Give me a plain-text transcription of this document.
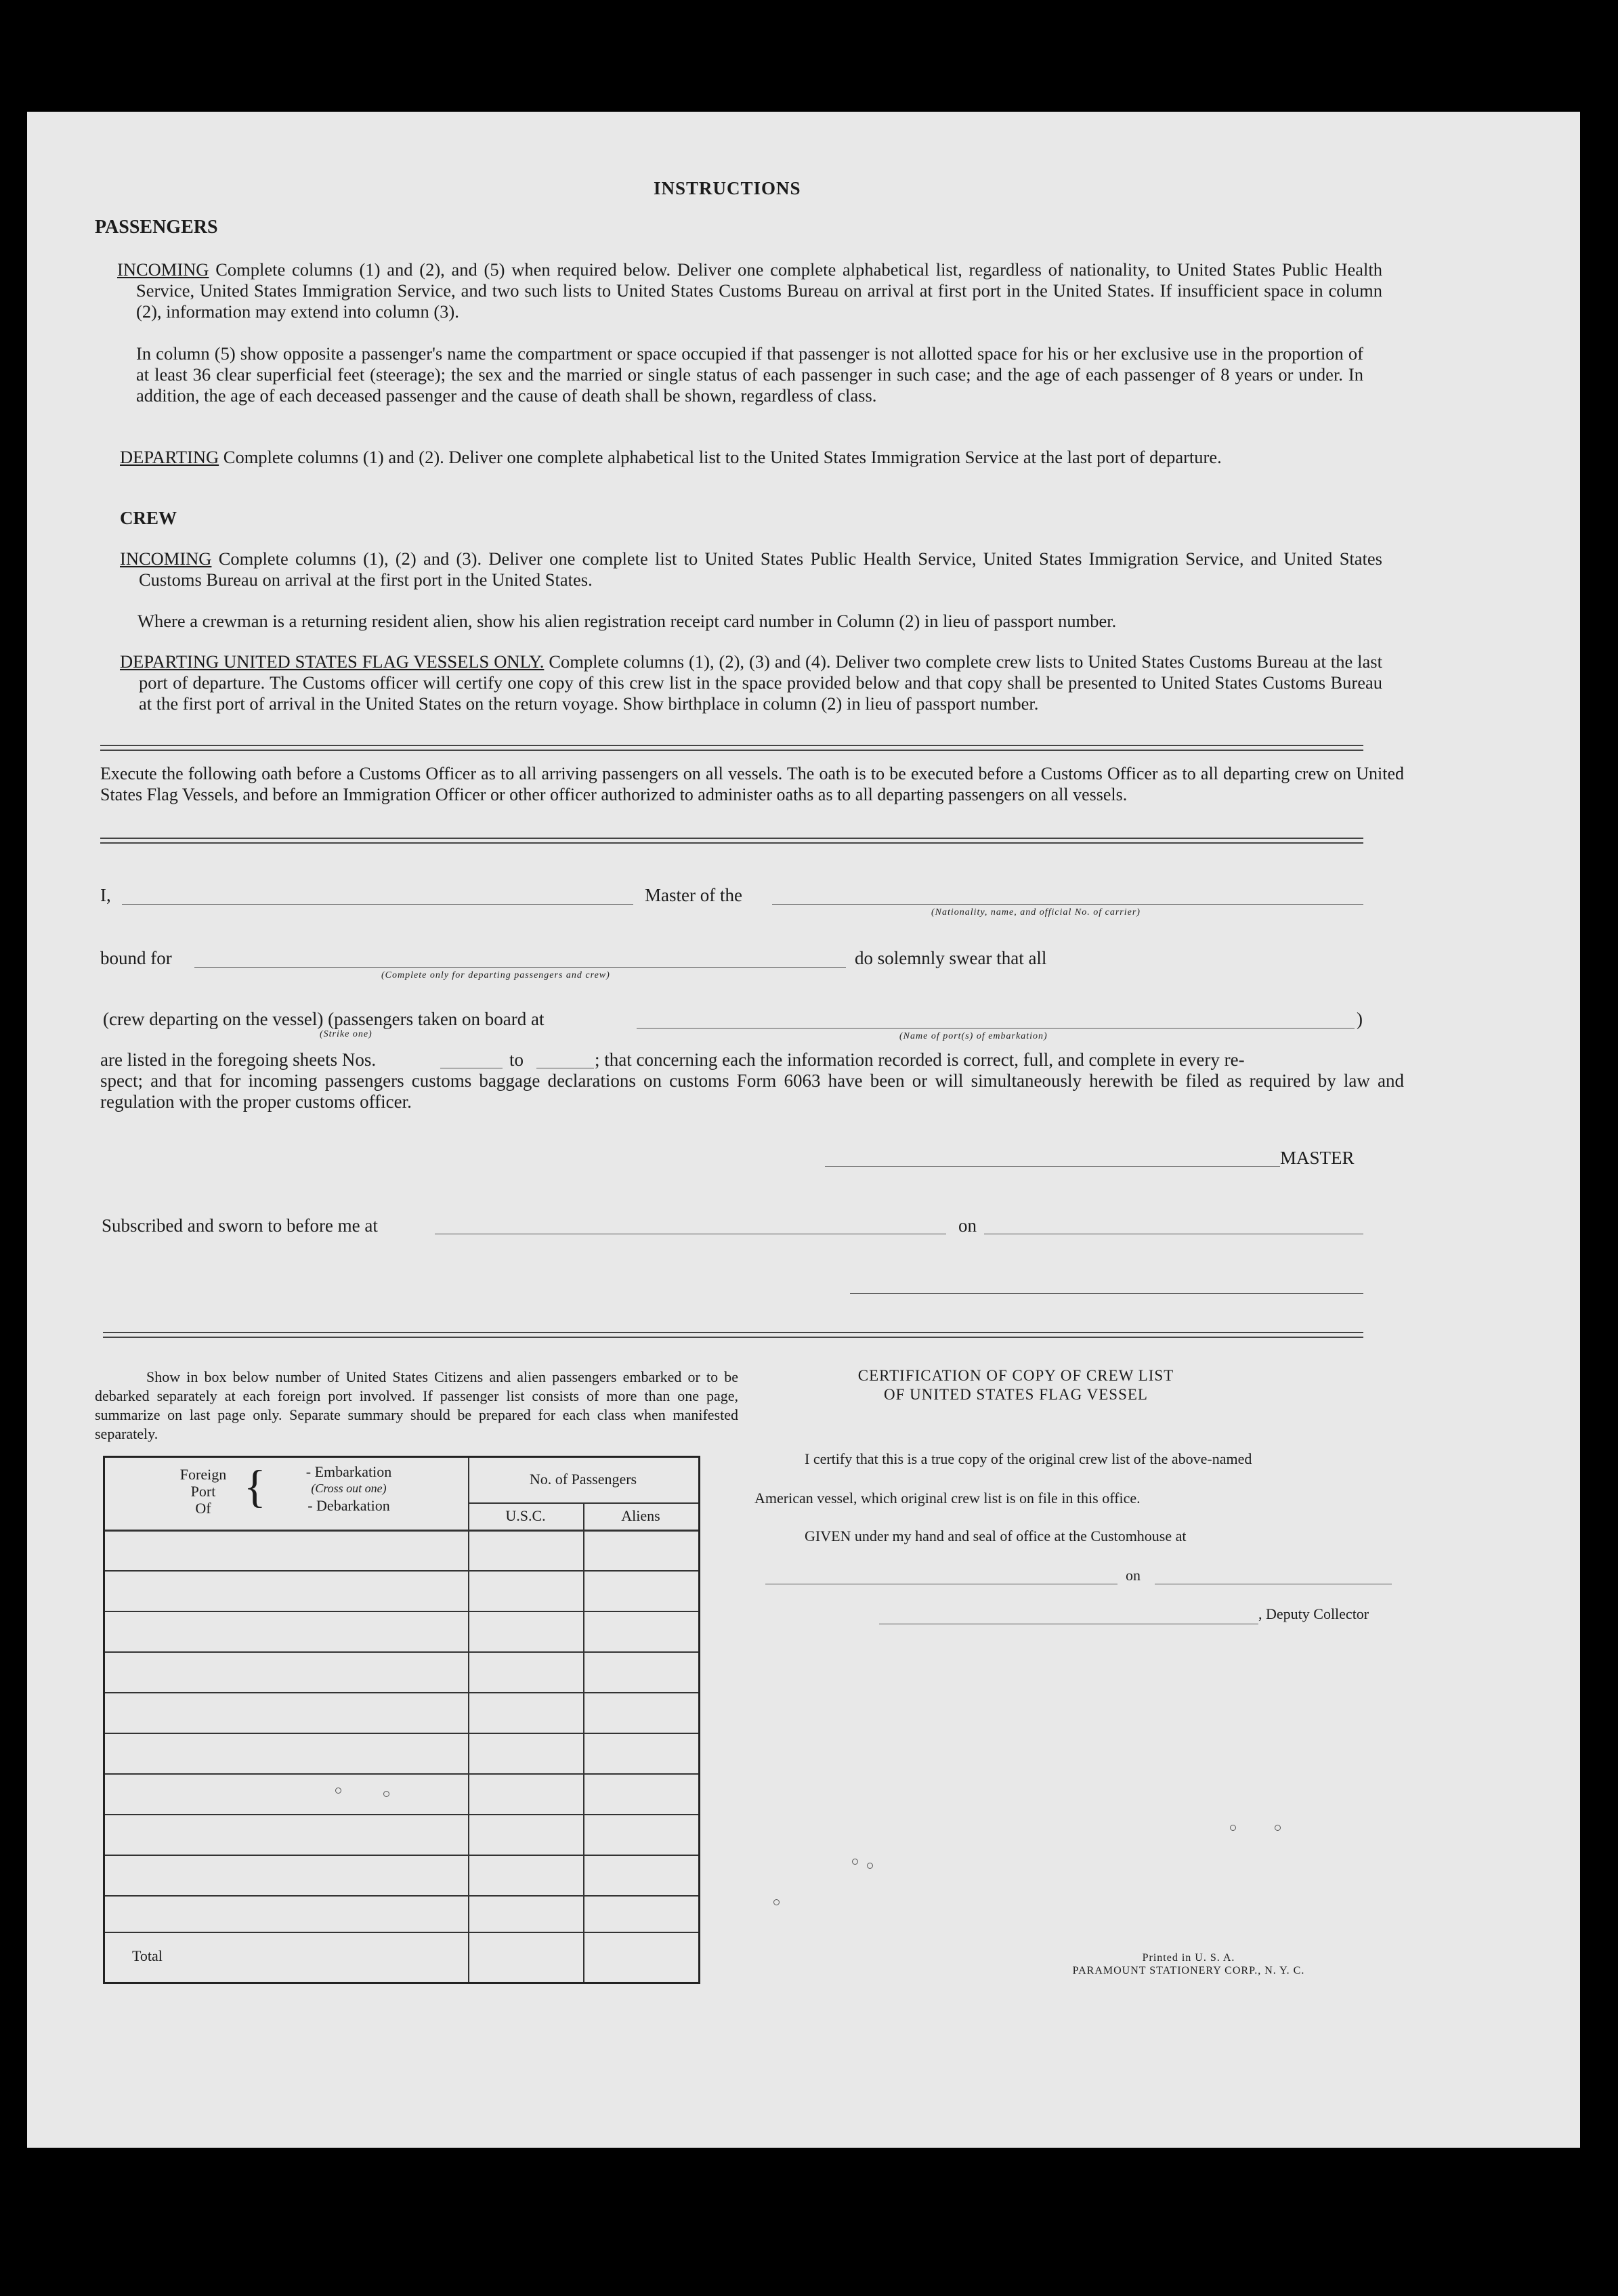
INSTRUCTIONS
PASSENGERS

INCOMING Complete columns (1) and (2), and (5) when required below. Deliver one complete alphabetical list, regardless of nationality, to United States Public Health Service, United States Immigration Service, and two such lists to United States Customs Bureau on arrival at first port in the United States. If insufficient space in column (2), information may extend into column (3).

In column (5) show opposite a passenger's name the compartment or space occupied if that passenger is not allotted space for his or her exclusive use in the proportion of at least 36 clear superficial feet (steerage); the sex and the married or single status of each passenger in such case; and the age of each passenger of 8 years or under. In addition, the age of each deceased passenger and the cause of death shall be shown, regardless of class.

DEPARTING Complete columns (1) and (2). Deliver one complete alphabetical list to the United States Immigration Service at the last port of departure.

CREW

INCOMING Complete columns (1), (2) and (3). Deliver one complete list to United States Public Health Service, United States Immigration Service, and United States Customs Bureau on arrival at the first port in the United States.

Where a crewman is a returning resident alien, show his alien registration receipt card number in Column (2) in lieu of passport number.

DEPARTING UNITED STATES FLAG VESSELS ONLY. Complete columns (1), (2), (3) and (4). Deliver two complete crew lists to United States Customs Bureau at the last port of departure. The Customs officer will certify one copy of this crew list in the space provided below and that copy shall be presented to United States Customs Bureau at the first port of arrival in the United States on the return voyage. Show birthplace in column (2) in lieu of passport number.

Execute the following oath before a Customs Officer as to all arriving passengers on all vessels. The oath is to be executed before a Customs Officer as to all departing crew on United States Flag Vessels, and before an Immigration Officer or other officer authorized to administer oaths as to all departing passengers on all vessels.

I,	Master of the
(Nationality, name, and official No. of carrier)
bound for
(Complete only for departing passengers and crew)
do solemnly swear that all
(crew departing on the vessel) (passengers taken on board at
(Strike one)	(Name of port(s) of embarkation)
)
are listed in the foregoing sheets Nos.	to	; that concerning each the information recorded is correct, full, and complete in every re-
spect; and that for incoming passengers customs baggage declarations on customs Form 6063 have been or will simultaneously herewith be filed as required by law and regulation with the proper customs officer.
MASTER
Subscribed and sworn to before me at	on
Show in box below number of United States Citizens and alien passengers embarked or to be debarked separately at each foreign port involved. If passenger list consists of more than one page, summarize on last page only. Separate summary should be prepared for each class when manifested separately.
Foreign
Port
Of {	- Embarkation
(Cross out one)
- Debarkation
No. of Passengers
U.S.C.	Aliens
Total
CERTIFICATION OF COPY OF CREW LIST
OF UNITED STATES FLAG VESSEL
I certify that this is a true copy of the original crew list of the above-named
American vessel, which original crew list is on file in this office.
GIVEN under my hand and seal of office at the Customhouse at
on
, Deputy Collector
Printed in U. S. A.
PARAMOUNT STATIONERY CORP., N. Y. C.
